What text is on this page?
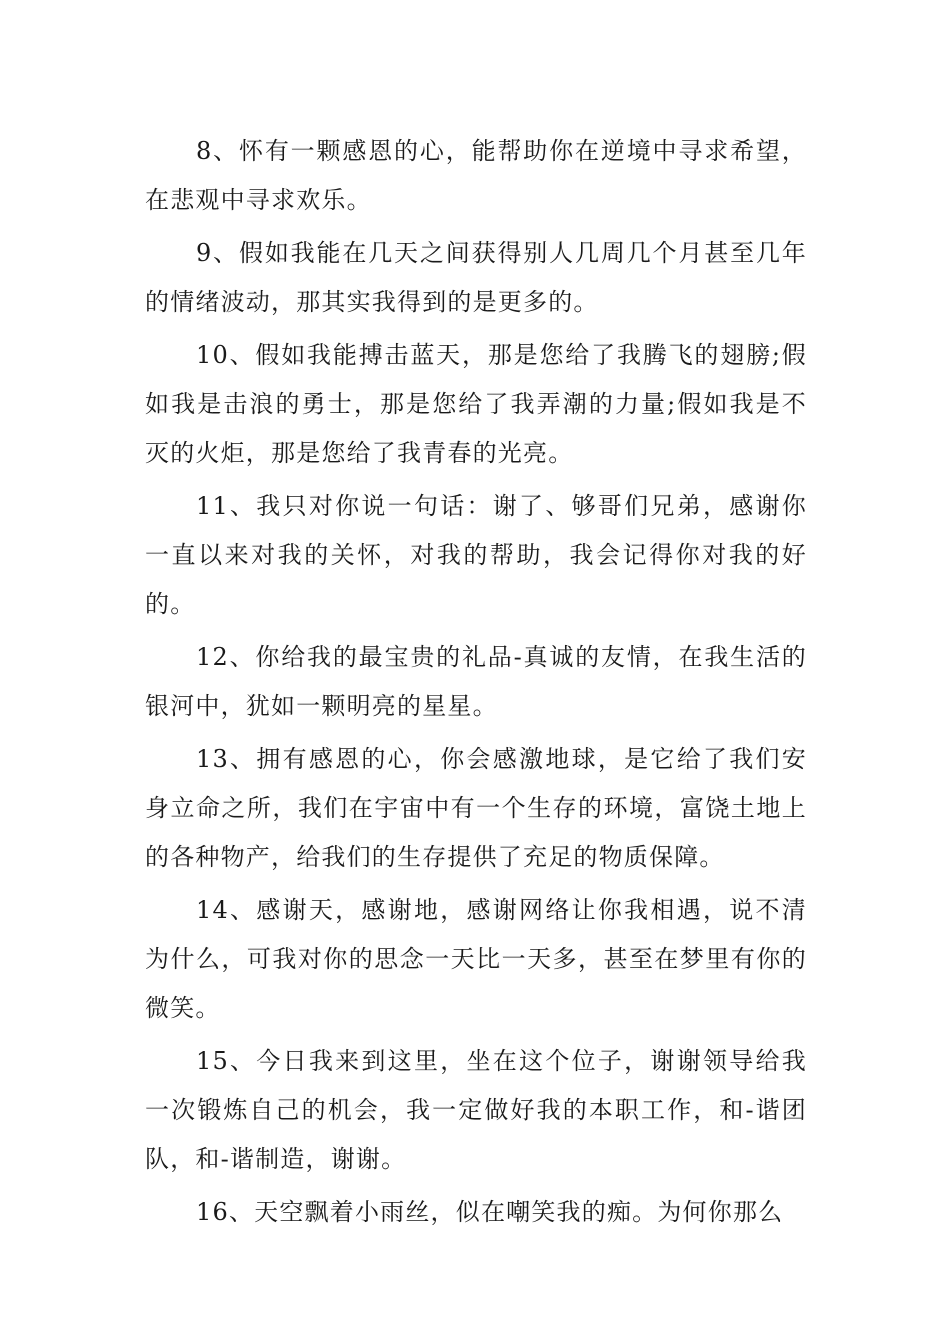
8、怀有一颗感恩的心，能帮助你在逆境中寻求希望，在悲观中寻求欢乐。

9、假如我能在几天之间获得别人几周几个月甚至几年的情绪波动，那其实我得到的是更多的。

10、假如我能搏击蓝天，那是您给了我腾飞的翅膀;假如我是击浪的勇士，那是您给了我弄潮的力量;假如我是不灭的火炬，那是您给了我青春的光亮。

11、我只对你说一句话：谢了、够哥们兄弟，感谢你一直以来对我的关怀，对我的帮助，我会记得你对我的好的。

12、你给我的最宝贵的礼品-真诚的友情，在我生活的银河中，犹如一颗明亮的星星。

13、拥有感恩的心，你会感激地球，是它给了我们安身立命之所，我们在宇宙中有一个生存的环境，富饶土地上的各种物产，给我们的生存提供了充足的物质保障。

14、感谢天，感谢地，感谢网络让你我相遇，说不清为什么，可我对你的思念一天比一天多，甚至在梦里有你的微笑。

15、今日我来到这里，坐在这个位子，谢谢领导给我一次锻炼自己的机会，我一定做好我的本职工作，和-谐团队，和-谐制造，谢谢。

16、天空飘着小雨丝，似在嘲笑我的痴。为何你那么
